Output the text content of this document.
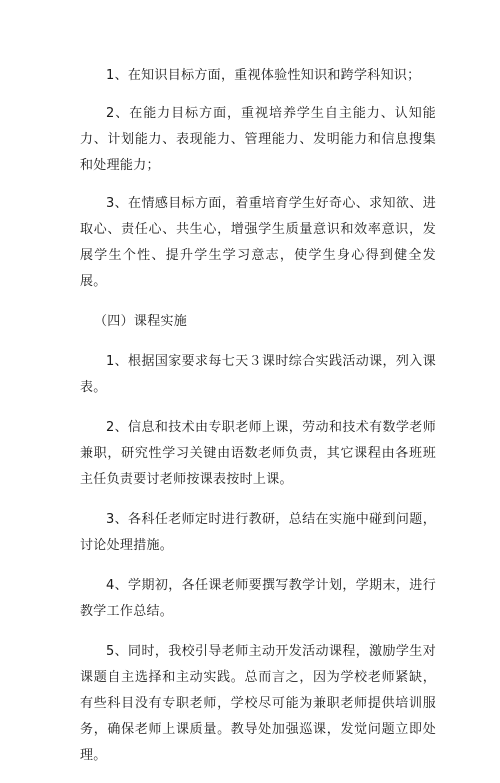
1、在知识目标方面，重视体验性知识和跨学科知识；

2、在能力目标方面，重视培养学生自主能力、认知能力、计划能力、表现能力、管理能力、发明能力和信息搜集和处理能力；

3、在情感目标方面，着重培育学生好奇心、求知欲、进取心、责任心、共生心，增强学生质量意识和效率意识，发展学生个性、提升学生学习意志，使学生身心得到健全发展。

（四）课程实施

1、根据国家要求每七天３课时综合实践活动课，列入课表。

2、信息和技术由专职老师上课，劳动和技术有数学老师兼职，研究性学习关键由语数老师负责，其它课程由各班班主任负责要讨老师按课表按时上课。

3、各科任老师定时进行教研，总结在实施中碰到问题，讨论处理措施。

4、学期初，各任课老师要撰写教学计划，学期末，进行教学工作总结。

5、同时，我校引导老师主动开发活动课程，激励学生对课题自主选择和主动实践。总而言之，因为学校老师紧缺，有些科目没有专职老师，学校尽可能为兼职老师提供培训服务，确保老师上课质量。教导处加强巡课，发觉问题立即处理。
